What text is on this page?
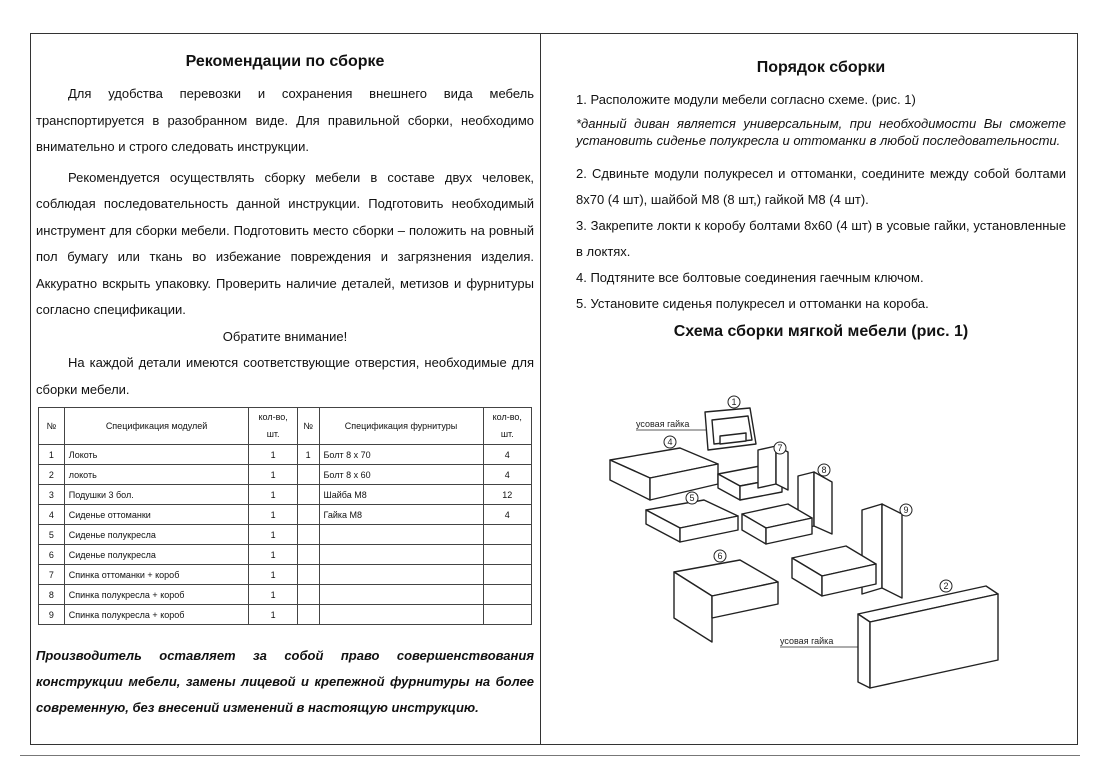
Рекомендации по сборке

Для удобства перевозки и сохранения внешнего вида мебель транспортируется в разобранном виде. Для правильной сборки, необходимо внимательно и строго следовать инструкции.

Рекомендуется осуществлять сборку мебели в составе двух человек, соблюдая последовательность данной инструкции. Подготовить необходимый инструмент для сборки мебели. Подготовить место сборки – положить на ровный пол бумагу или ткань во избежание повреждения и загрязнения изделия. Аккуратно вскрыть упаковку. Проверить наличие деталей, метизов и фурнитуры согласно спецификации.

Обратите внимание!

На каждой детали имеются соответствующие отверстия, необходимые для сборки мебели.

№	Спецификация модулей	кол-во, шт.	№	Спецификация фурнитуры	кол-во, шт.
1	Локоть	1	1	Болт 8 х 70	4
2	локоть	1		Болт 8 х 60	4
3	Подушки 3 бол.	1		Шайба М8	12
4	Сиденье оттоманки	1		Гайка М8	4
5	Сиденье полукресла	1			
6	Сиденье полукресла	1			
7	Спинка оттоманки + короб	1			
8	Спинка полукресла + короб	1			
9	Спинка полукресла + короб	1			

Производитель оставляет за собой право совершенствования конструкции мебели, замены лицевой и крепежной фурнитуры на более современную, без внесений изменений в настоящую инструкцию.

Порядок сборки

1. Расположите модули мебели согласно схеме. (рис. 1)

*данный диван является универсальным, при необходимости Вы сможете установить сиденье полукресла и оттоманки в любой последовательности.

2. Сдвиньте модули полукресел и оттоманки, соедините между собой болтами 8х70 (4 шт), шайбой М8 (8 шт,) гайкой М8 (4 шт).

3. Закрепите локти к коробу болтами 8х60 (4 шт) в усовые гайки, установленные в локтях.

4. Подтяните все болтовые соединения гаечным ключом.

5. Установите сиденья полукресел и оттоманки на короба.

Схема сборки мягкой мебели (рис. 1)
усовая гайка
усовая гайка
1
4
7
8
5
9
6
2
